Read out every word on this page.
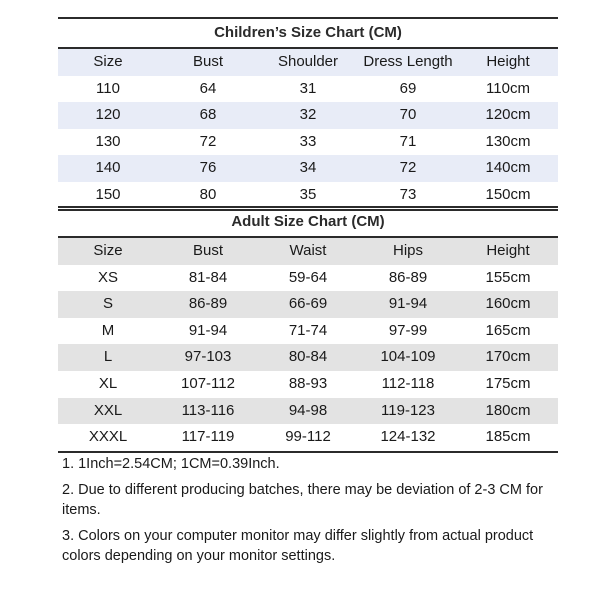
Children’s Size Chart (CM)
Size	Bust	Shoulder	Dress Length	Height
110	64	31	69	110cm
120	68	32	70	120cm
130	72	33	71	130cm
140	76	34	72	140cm
150	80	35	73	150cm
Adult Size Chart (CM)
Size	Bust	Waist	Hips	Height
XS	81-84	59-64	86-89	155cm
S	86-89	66-69	91-94	160cm
M	91-94	71-74	97-99	165cm
L	97-103	80-84	104-109	170cm
XL	107-112	88-93	112-118	175cm
XXL	113-116	94-98	119-123	180cm
XXXL	117-119	99-112	124-132	185cm

1. 1Inch=2.54CM; 1CM=0.39Inch.

2. Due to different producing batches, there may be deviation of 2-3 CM for items.

3. Colors on your computer monitor may differ slightly from actual product colors depending on your monitor settings.
